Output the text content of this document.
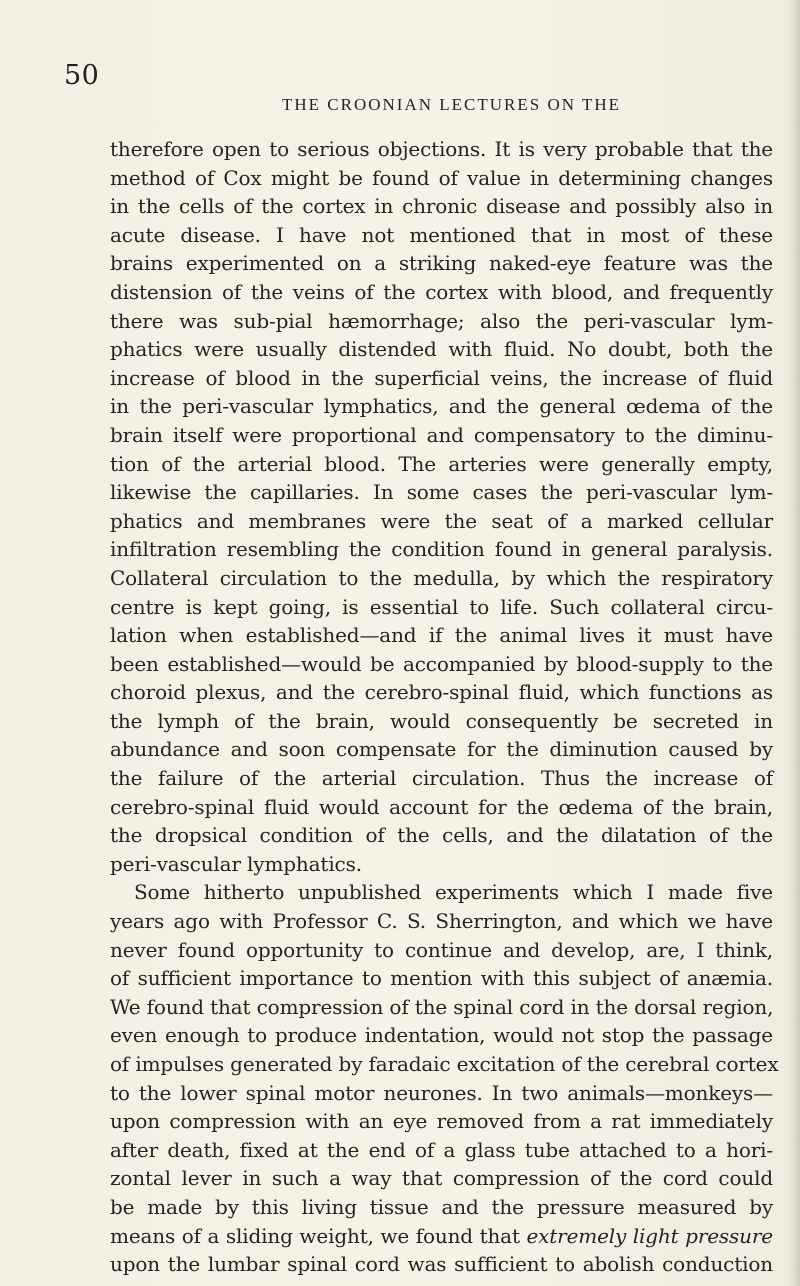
50
THE CROONIAN LECTURES ON THE
therefore open to serious objections. It is very probable that the
method of Cox might be found of value in determining changes
in the cells of the cortex in chronic disease and possibly also in
acute disease. I have not mentioned that in most of these
brains experimented on a striking naked-eye feature was the
distension of the veins of the cortex with blood, and frequently
there was sub-pial hæmorrhage; also the peri-vascular lym-
phatics were usually distended with fluid. No doubt, both the
increase of blood in the superficial veins, the increase of fluid
in the peri-vascular lymphatics, and the general œdema of the
brain itself were proportional and compensatory to the diminu-
tion of the arterial blood. The arteries were generally empty,
likewise the capillaries. In some cases the peri-vascular lym-
phatics and membranes were the seat of a marked cellular
infiltration resembling the condition found in general paralysis.
Collateral circulation to the medulla, by which the respiratory
centre is kept going, is essential to life. Such collateral circu-
lation when established—and if the animal lives it must have
been established—would be accompanied by blood-supply to the
choroid plexus, and the cerebro-spinal fluid, which functions as
the lymph of the brain, would consequently be secreted in
abundance and soon compensate for the diminution caused by
the failure of the arterial circulation. Thus the increase of
cerebro-spinal fluid would account for the œdema of the brain,
the dropsical condition of the cells, and the dilatation of the
peri-vascular lymphatics.
Some hitherto unpublished experiments which I made five
years ago with Professor C. S. Sherrington, and which we have
never found opportunity to continue and develop, are, I think,
of sufficient importance to mention with this subject of anæmia.
We found that compression of the spinal cord in the dorsal region,
even enough to produce indentation, would not stop the passage
of impulses generated by faradaic excitation of the cerebral cortex
to the lower spinal motor neurones. In two animals—monkeys—
upon compression with an eye removed from a rat immediately
after death, fixed at the end of a glass tube attached to a hori-
zontal lever in such a way that compression of the cord could
be made by this living tissue and the pressure measured by
means of a sliding weight, we found that extremely light pressure
upon the lumbar spinal cord was sufficient to abolish conduction
